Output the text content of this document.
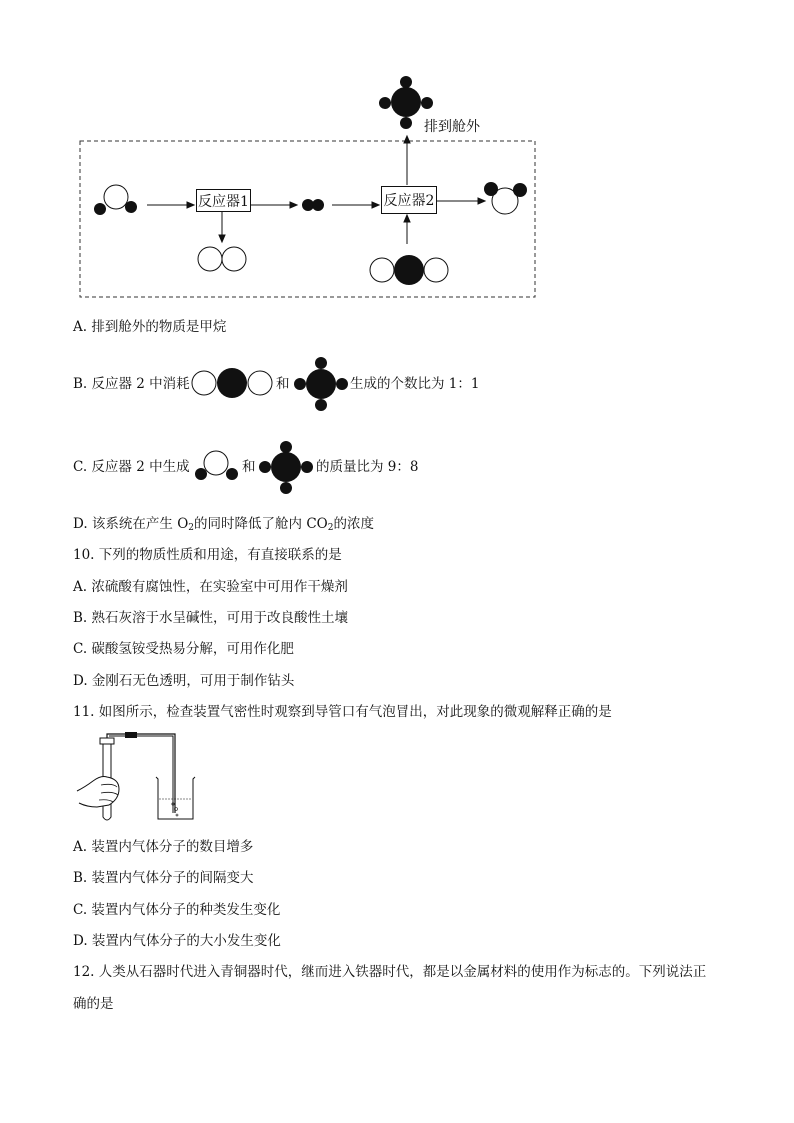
反应器1	反应器2
排到舱外
A. 排到舱外的物质是甲烷
B. 反应器 2 中消耗	和	生成的个数比为 1：1
C. 反应器 2 中生成	和	的质量比为 9：8
D. 该系统在产生 $O_2$的同时降低了舱内 $CO_2$的浓度
10. 下列的物质性质和用途，有直接联系的是
A. 浓硫酸有腐蚀性，在实验室中可用作干燥剂
B. 熟石灰溶于水呈碱性，可用于改良酸性土壤
C. 碳酸氢铵受热易分解，可用作化肥
D. 金刚石无色透明，可用于制作钻头
11. 如图所示，检查装置气密性时观察到导管口有气泡冒出，对此现象的微观解释正确的是
A. 装置内气体分子的数目增多
B. 装置内气体分子的间隔变大
C. 装置内气体分子的种类发生变化
D. 装置内气体分子的大小发生变化
12. 人类从石器时代进入青铜器时代，继而进入铁器时代，都是以金属材料的使用作为标志的。下列说法正
确的是
